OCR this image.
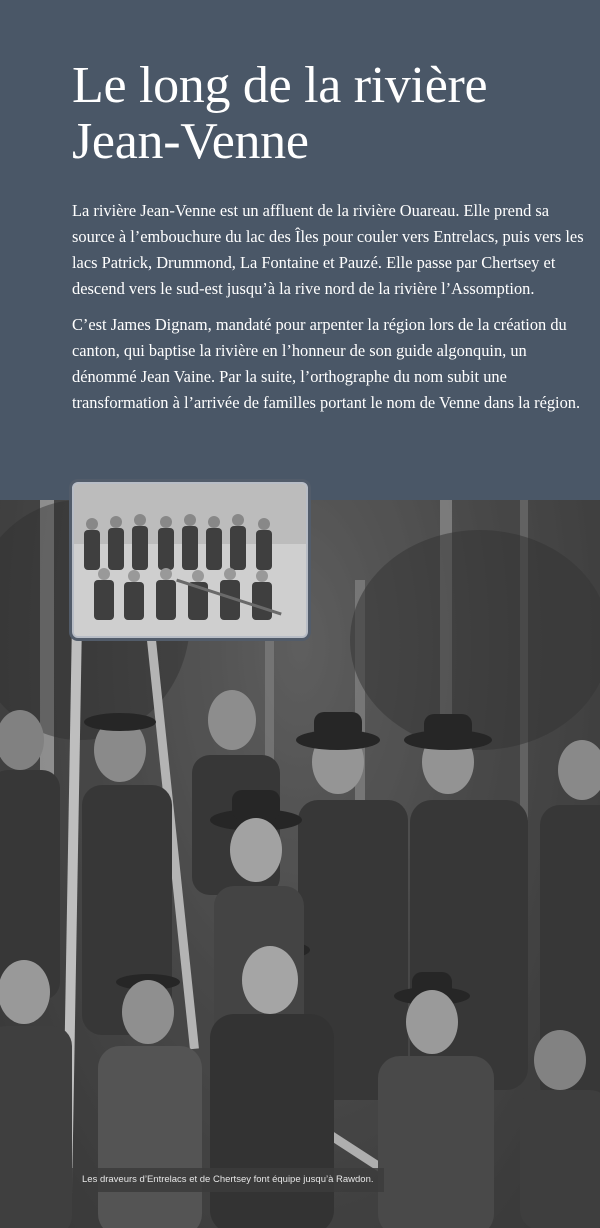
Le long de la rivière
Jean-Venne

La rivière Jean-Venne est un affluent de la rivière Ouareau. Elle prend sa source à l’embouchure du lac des Îles pour couler vers Entrelacs, puis vers les lacs Patrick, Drummond, La Fontaine et Pauzé. Elle passe par Chertsey et descend vers le sud-est jusqu’à la rive nord de la rivière l’Assomption.

C’est James Dignam, mandaté pour arpenter la région lors de la création du canton, qui baptise la rivière en l’honneur de son guide algonquin, un dénommé Jean Vaine. Par la suite, l’orthographe du nom subit une transformation à l’arrivée de familles portant le nom de Venne dans la région.

Les draveurs d’Entrelacs et de Chertsey font équipe jusqu’à Rawdon.
